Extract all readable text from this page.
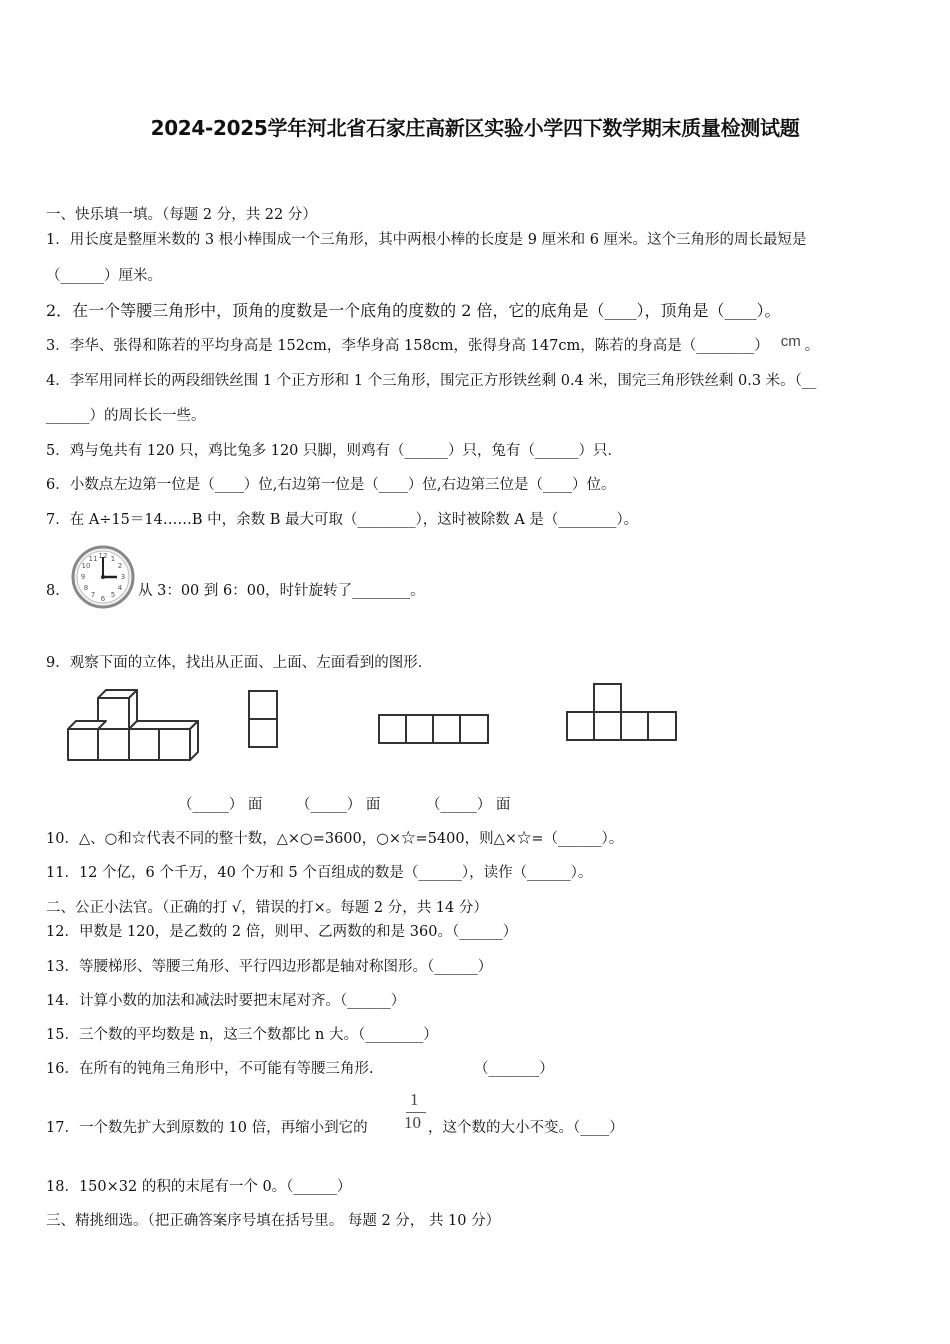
2024-2025学年河北省石家庄高新区实验小学四下数学期末质量检测试题
一、快乐填一填。（每题 2 分，共 22 分）
1．用长度是整厘米数的 3 根小棒围成一个三角形，其中两根小棒的长度是 9 厘米和 6 厘米。这个三角形的周长最短是
（______）厘米。
2．在一个等腰三角形中，顶角的度数是一个底角的度数的 2 倍，它的底角是（____），顶角是（____）。
3．李华、张得和陈若的平均身高是 152cm，李华身高 158cm，张得身高 147cm，陈若的身高是（________） cm 。
4．李军用同样长的两段细铁丝围 1 个正方形和 1 个三角形，围完正方形铁丝剩 0.4 米，围完三角形铁丝剩 0.3 米。（__
______）的周长长一些。
5．鸡与兔共有 120 只，鸡比兔多 120 只脚，则鸡有（______）只，兔有（______）只．
6．小数点左边第一位是（____）位,右边第一位是（____）位,右边第三位是（____）位。
7．在 A÷15＝14……B 中，余数 B 最大可取（________），这时被除数 A 是（________）。
8．
12 1
2
3
4
5
6
7
8
9
10
11
从 3：00 到 6：00，时针旋转了________。
9．观察下面的立体，找出从正面、上面、左面看到的图形．
（_____） 面 （_____） 面	（_____） 面
10．△、○和☆代表不同的整十数，△×○=3600，○×☆=5400，则△×☆=（______）。
11．12 个亿，6 个千万，40 个万和 5 个百组成的数是（______），读作（______）。
二、公正小法官。（正确的打 √，错误的打×。每题 2 分，共 14 分）
12．甲数是 120，是乙数的 2 倍，则甲、乙两数的和是 360。（______）
13．等腰梯形、等腰三角形、平行四边形都是轴对称图形。（______）
14．计算小数的加法和减法时要把末尾对齐。（______）
15．三个数的平均数是 n，这三个数都比 n 大。（________）
16．在所有的钝角三角形中，不可能有等腰三角形.	（_______）
17．一个数先扩大到原数的 10 倍，再缩小到它的
1
10 ，这个数的大小不变。（____）
18．150×32 的积的末尾有一个 0。（______）
三、精挑细选。（把正确答案序号填在括号里。 每题 2 分， 共 10 分）
